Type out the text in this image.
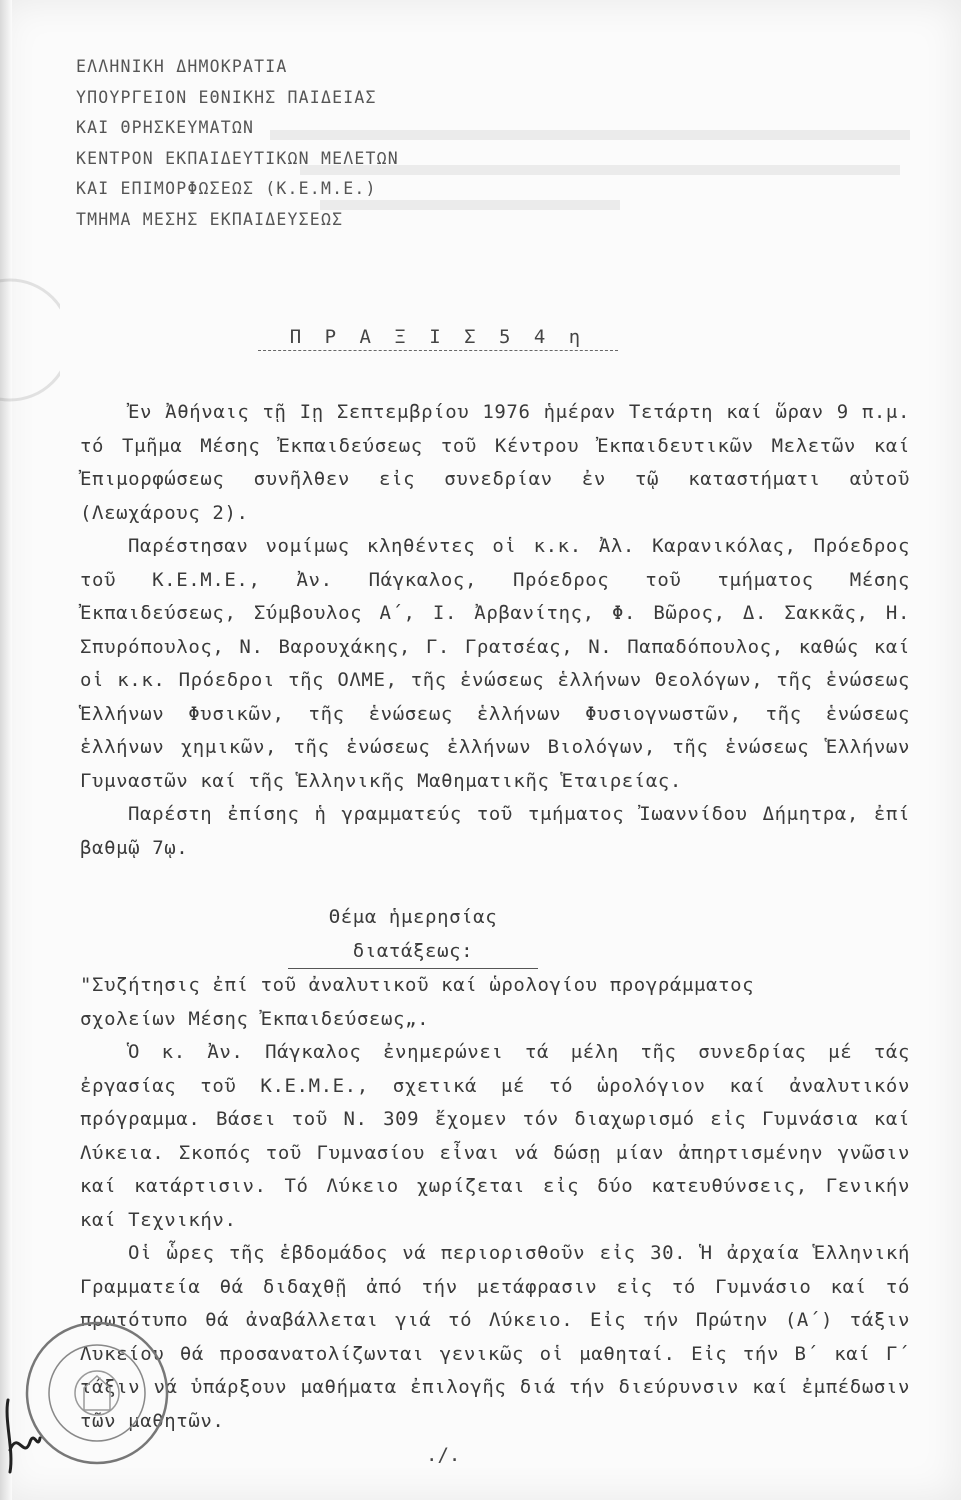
ΕΛΛΗΝΙΚΗ ΔΗΜΟΚΡΑΤΙΑ
ΥΠΟΥΡΓΕΙΟΝ ΕΘΝΙΚΗΣ ΠΑΙΔΕΙΑΣ
ΚΑΙ ΘΡΗΣΚΕΥΜΑΤΩΝ
ΚΕΝΤΡΟΝ ΕΚΠΑΙΔΕΥΤΙΚΩΝ ΜΕΛΕΤΩΝ
ΚΑΙ ΕΠΙΜΟΡΦΩΣΕΩΣ (Κ.Ε.Μ.Ε.)
ΤΜΗΜΑ ΜΕΣΗΣ ΕΚΠΑΙΔΕΥΣΕΩΣ
Π Ρ Α Ξ Ι Σ 5 4 η

Ἐν Ἀθήναις τῇ Ιῃ Σεπτεμβρίου 1976 ἡμέραν Τετάρτη καί ὥραν 9 π.μ. τό Τμῆμα Μέσης Ἐκπαιδεύσεως τοῦ Κέντρου Ἐκπαιδευτικῶν Μελετῶν καί Ἐπιμορφώσεως συνῆλθεν εἰς συνεδρίαν ἐν τῷ καταστήματι αὐτοῦ (Λεωχάρους 2).

Παρέστησαν νομίμως κληθέντες οἱ κ.κ. Ἀλ. Καρανικόλας, Πρόεδρος τοῦ Κ.Ε.Μ.Ε., Ἀν. Πάγκαλος, Πρόεδρος τοῦ τμήματος Μέσης Ἐκπαιδεύσεως, Σύμβουλος Α΄, Ι. Ἀρβανίτης, Φ. Βῶρος, Δ. Σακκᾶς, Η. Σπυρόπουλος, Ν. Βαρουχάκης, Γ. Γρατσέας, Ν. Παπαδόπουλος, καθώς καί οἱ κ.κ. Πρόεδροι τῆς ΟΛΜΕ, τῆς ἑνώσεως ἑλλήνων Θεολόγων, τῆς ἑνώσεως Ἑλλήνων Φυσικῶν, τῆς ἑνώσεως ἑλλήνων Φυσιογνωστῶν, τῆς ἑνώσεως ἑλλήνων χημικῶν, τῆς ἑνώσεως ἑλλήνων Βιολόγων, τῆς ἑνώσεως Ἑλλήνων Γυμναστῶν καί τῆς Ἑλληνικῆς Μαθηματικῆς Ἑταιρείας.

Παρέστη ἐπίσης ἡ γραμματεύς τοῦ τμήματος Ἰωαννίδου Δήμητρα, ἐπί βαθμῷ 7ῳ.

Θέμα ἡμερησίας διατάξεως:

"Συζήτησις ἐπί τοῦ ἀναλυτικοῦ καί ὡρολογίου προγράμματος

σχολείων Μέσης Ἐκπαιδεύσεως„.

Ὁ κ. Ἀν. Πάγκαλος ἐνημερώνει τά μέλη τῆς συνεδρίας μέ τάς ἐργασίας τοῦ Κ.Ε.Μ.Ε., σχετικά μέ τό ὡρολόγιον καί ἀναλυτικόν πρόγραμμα. Βάσει τοῦ Ν. 309 ἔχομεν τόν διαχωρισμό εἰς Γυμνάσια καί Λύκεια. Σκοπός τοῦ Γυμνασίου εἶναι νά δώσῃ μίαν ἀπηρτισμένην γνῶσιν καί κατάρτισιν. Τό Λύκειο χωρίζεται εἰς δύο κατευθύνσεις, Γενικήν καί Τεχνικήν.

Οἱ ὧρες τῆς ἑβδομάδος νά περιορισθοῦν εἰς 30. Ἡ ἀρχαία Ἑλληνική Γραμματεία θά διδαχθῇ ἀπό τήν μετάφρασιν εἰς τό Γυμνάσιο καί τό πρωτότυπο θά ἀναβάλλεται γιά τό Λύκειο. Εἰς τήν Πρώτην (Α΄) τάξιν Λυκείου θά προσανατολίζωνται γενικῶς οἱ μαθηταί. Εἰς τήν Β΄ καί Γ΄ τάξιν νά ὑπάρξουν μαθήματα ἐπιλογῆς διά τήν διεύρυνσιν καί ἐμπέδωσιν τῶν μαθητῶν.

./.
